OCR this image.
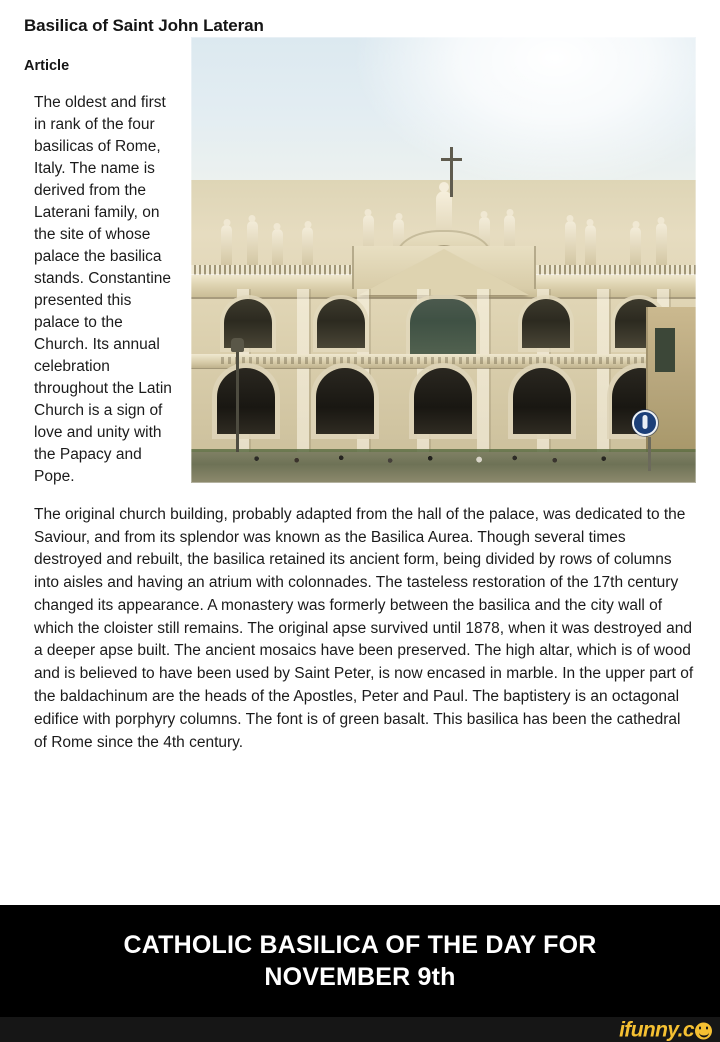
Basilica of Saint John Lateran
Article
The oldest and first in rank of the four basilicas of Rome, Italy. The name is derived from the Laterani family, on the site of whose palace the basilica stands. Constantine presented this palace to the Church. Its annual celebration throughout the Latin Church is a sign of love and unity with the Papacy and Pope.
The original church building, probably adapted from the hall of the palace, was dedicated to the Saviour, and from its splendor was known as the Basilica Aurea. Though several times destroyed and rebuilt, the basilica retained its ancient form, being divided by rows of columns into aisles and having an atrium with colonnades. The tasteless restoration of the 17th century changed its appearance. A monastery was formerly between the basilica and the city wall of which the cloister still remains. The original apse survived until 1878, when it was destroyed and a deeper apse built. The ancient mosaics have been preserved. The high altar, which is of wood and is believed to have been used by Saint Peter, is now encased in marble. In the upper part of the baldachinum are the heads of the Apostles, Peter and Paul. The baptistery is an octagonal edifice with porphyry columns. The font is of green basalt. This basilica has been the cathedral of Rome since the 4th century.
CATHOLIC BASILICA OF THE DAY FOR
NOVEMBER 9th
ifunny.c
